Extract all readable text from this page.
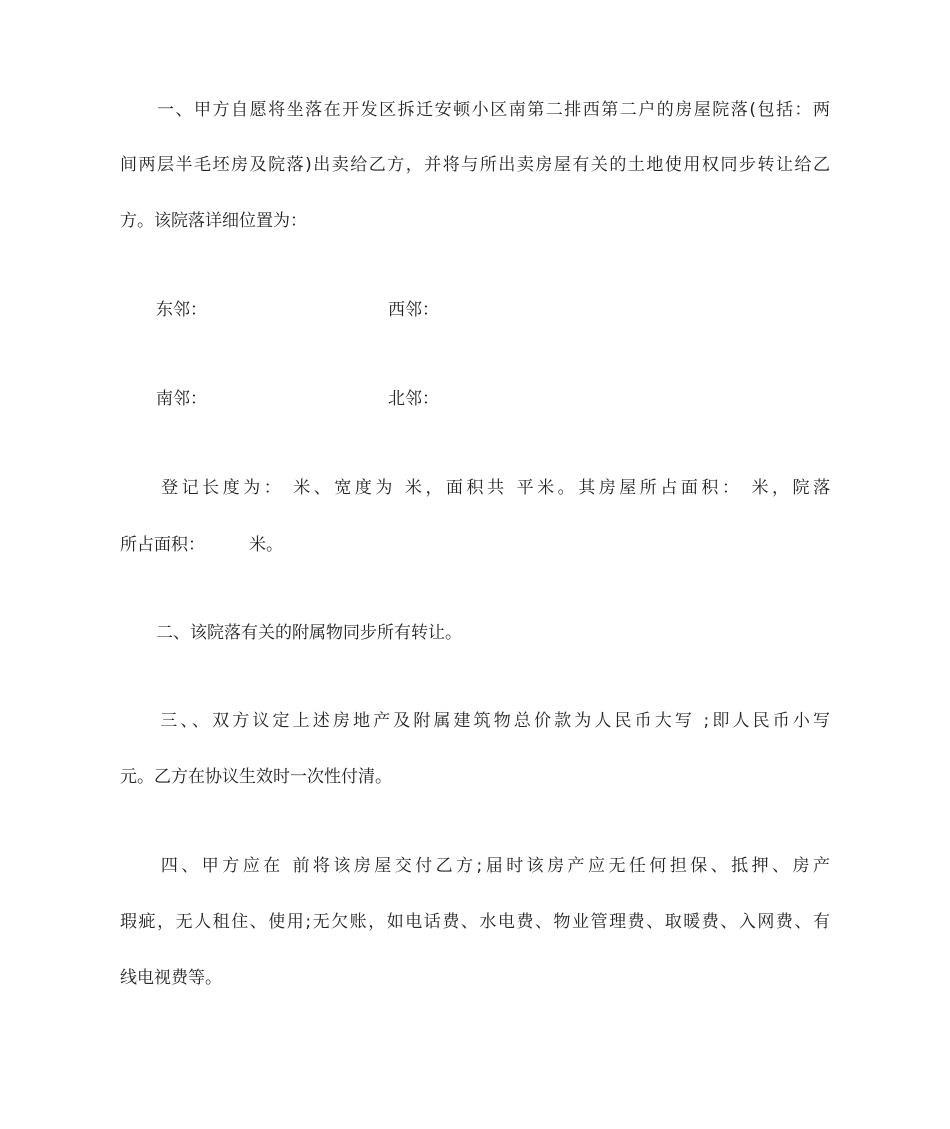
　　一、甲方自愿将坐落在开发区拆迁安顿小区南第二排西第二户的房屋院落(包括：两
间两层半毛坯房及院落)出卖给乙方，并将与所出卖房屋有关的土地使用权同步转让给乙
方。该院落详细位置为：
东邻：	西邻：
南邻：	北邻：
　　登记长度为： 米、宽度为 米，面积共 平米。其房屋所占面积： 米，院落
所占面积：	米。
二、该院落有关的附属物同步所有转让。
　　三、、双方议定上述房地产及附属建筑物总价款为人民币大写 ;即人民币小写
元。乙方在协议生效时一次性付清。
　　四、甲方应在 前将该房屋交付乙方;届时该房产应无任何担保、抵押、房产
瑕疵，无人租住、使用;无欠账，如电话费、水电费、物业管理费、取暖费、入网费、有
线电视费等。
